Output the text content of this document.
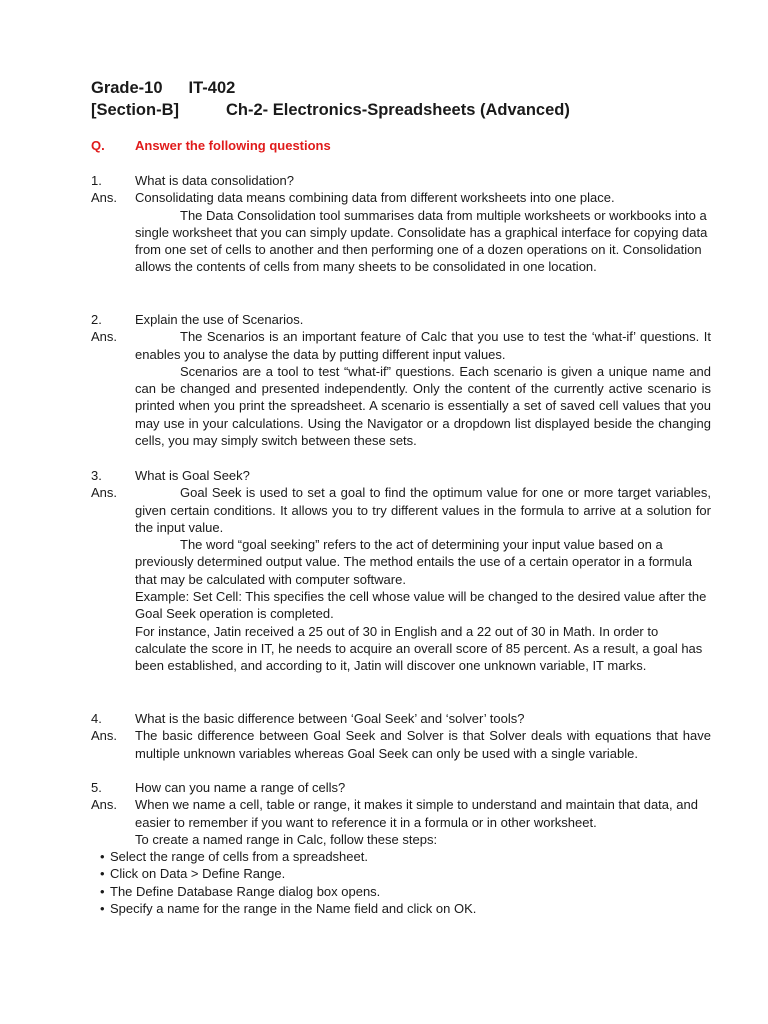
Grade-10 IT-402
[Section-B]	Ch-2- Electronics-Spreadsheets (Advanced)
Q. Answer the following questions
1.	What is data consolidation?

Ans. Consolidating data means combining data from different worksheets into one place.

The Data Consolidation tool summarises data from multiple worksheets or workbooks into a single worksheet that you can simply update. Consolidate has a graphical interface for copying data from one set of cells to another and then performing one of a dozen operations on it. Consolidation allows the contents of cells from many sheets to be consolidated in one location.

2.	Explain the use of Scenarios.

Ans.	The Scenarios is an important feature of Calc that you use to test the ‘what-if’ questions. It enables you to analyse the data by putting different input values.

Scenarios are a tool to test “what-if” questions. Each scenario is given a unique name and can be changed and presented independently. Only the content of the currently active scenario is printed when you print the spreadsheet. A scenario is essentially a set of saved cell values that you may use in your calculations. Using the Navigator or a dropdown list displayed beside the changing cells, you may simply switch between these sets.

3.	What is Goal Seek?

Ans.	Goal Seek is used to set a goal to find the optimum value for one or more target variables, given certain conditions. It allows you to try different values in the formula to arrive at a solution for the input value.

The word “goal seeking” refers to the act of determining your input value based on a previously determined output value. The method entails the use of a certain operator in a formula that may be calculated with computer software.

Example: Set Cell: This specifies the cell whose value will be changed to the desired value after the Goal Seek operation is completed.

For instance, Jatin received a 25 out of 30 in English and a 22 out of 30 in Math. In order to calculate the score in IT, he needs to acquire an overall score of 85 percent. As a result, a goal has been established, and according to it, Jatin will discover one unknown variable, IT marks.

4.	What is the basic difference between ‘Goal Seek’ and ‘solver’ tools?

Ans. The basic difference between Goal Seek and Solver is that Solver deals with equations that have multiple unknown variables whereas Goal Seek can only be used with a single variable.

5.	How can you name a range of cells?

Ans. When we name a cell, table or range, it makes it simple to understand and maintain that data, and easier to remember if you want to reference it in a formula or in other worksheet.

To create a named range in Calc, follow these steps:

• Select the range of cells from a spreadsheet.

• Click on Data > Define Range.

• The Define Database Range dialog box opens.

• Specify a name for the range in the Name field and click on OK.
